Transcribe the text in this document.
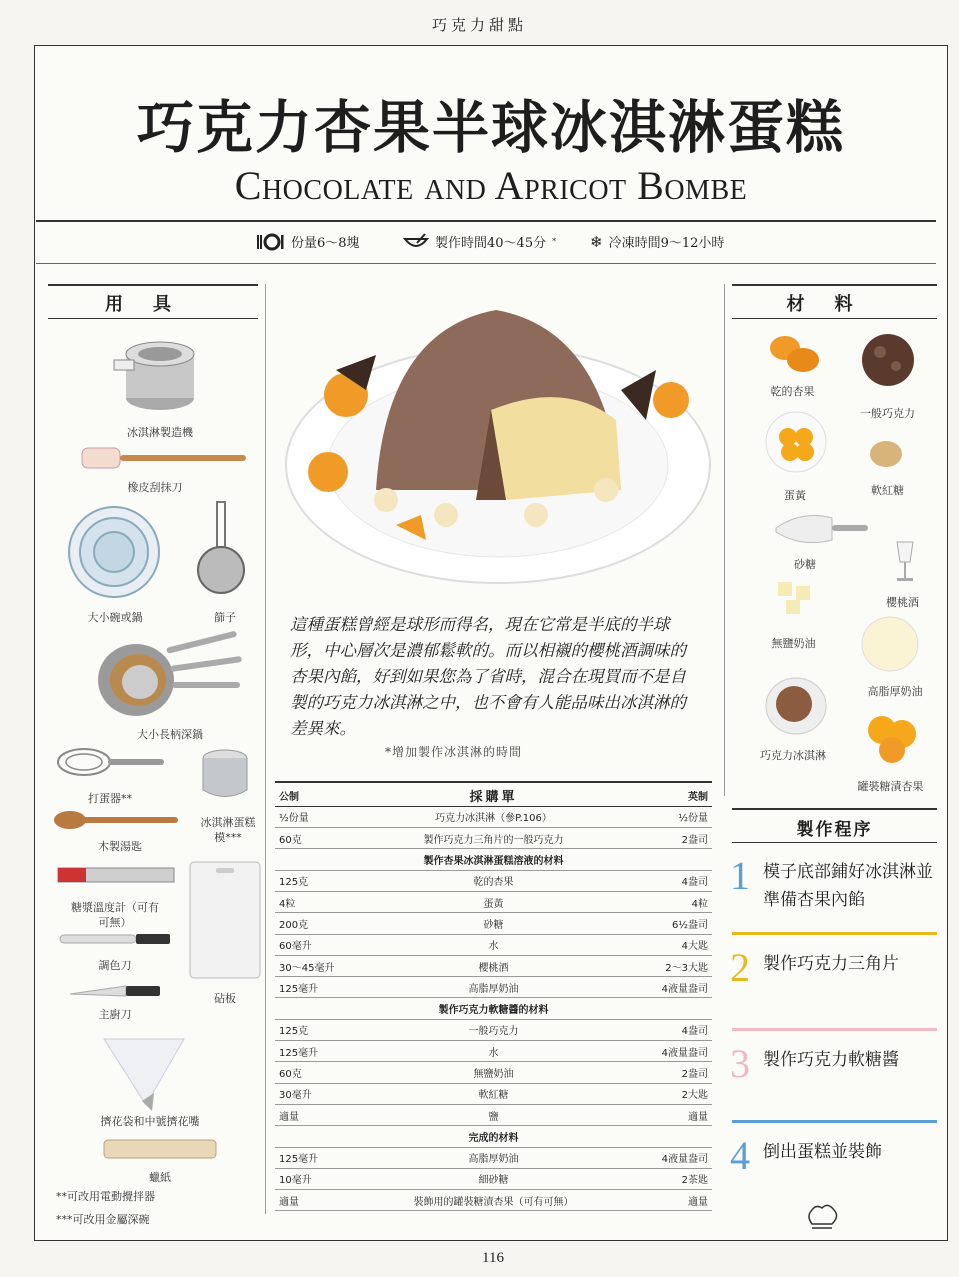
巧克力甜點
巧克力杏果半球冰淇淋蛋糕
Chocolate and Apricot Bombe
份量6～8塊	製作時間40～45分 * ❄ 冷凍時間9～12小時
用具
冰淇淋製造機
橡皮刮抹刀
大小碗或鍋	篩子
大小長柄深鍋
打蛋器**
冰淇淋蛋糕模***
木製湯匙
糖漿溫度計（可有可無）
調色刀
主廚刀
砧板
擠花袋和中號擠花嘴
蠟紙
**可改用電動攪拌器
***可改用金屬深碗
這種蛋糕曾經是球形而得名，現在它常是半底的半球形，中心層次是濃郁鬆軟的。而以相襯的櫻桃酒調味的杏果內餡，好到如果您為了省時，混合在現買而不是自製的巧克力冰淇淋之中，也不會有人能品味出冰淇淋的差異來。
*增加製作冰淇淋的時間
公制	採購單	英制
½份量	巧克力冰淇淋（參P.106）	½份量
60克	製作巧克力三角片的一般巧克力	2盎司
製作杏果冰淇淋蛋糕溶液的材料		
125克	乾的杏果	4盎司
4粒	蛋黃	4粒
200克	砂糖	6½盎司
60毫升	水	4大匙
30～45毫升	櫻桃酒	2～3大匙
125毫升	高脂厚奶油	4液量盎司
製作巧克力軟糖醬的材料		
125克	一般巧克力	4盎司
125毫升	水	4液量盎司
60克	無鹽奶油	2盎司
30毫升	軟紅糖	2大匙
適量	鹽	適量
完成的材料		
125毫升	高脂厚奶油	4液量盎司
10毫升	細砂糖	2茶匙
適量	裝飾用的罐裝糖漬杏果（可有可無）	適量
材料
乾的杏果
一般巧克力
蛋黃	軟紅糖
砂糖
櫻桃酒
無鹽奶油
高脂厚奶油
巧克力冰淇淋
罐裝糖漬杏果
製作程序
1 模子底部鋪好冰淇淋並準備杏果內餡
2 製作巧克力三角片
3 製作巧克力軟糖醬
4 倒出蛋糕並裝飾
116
